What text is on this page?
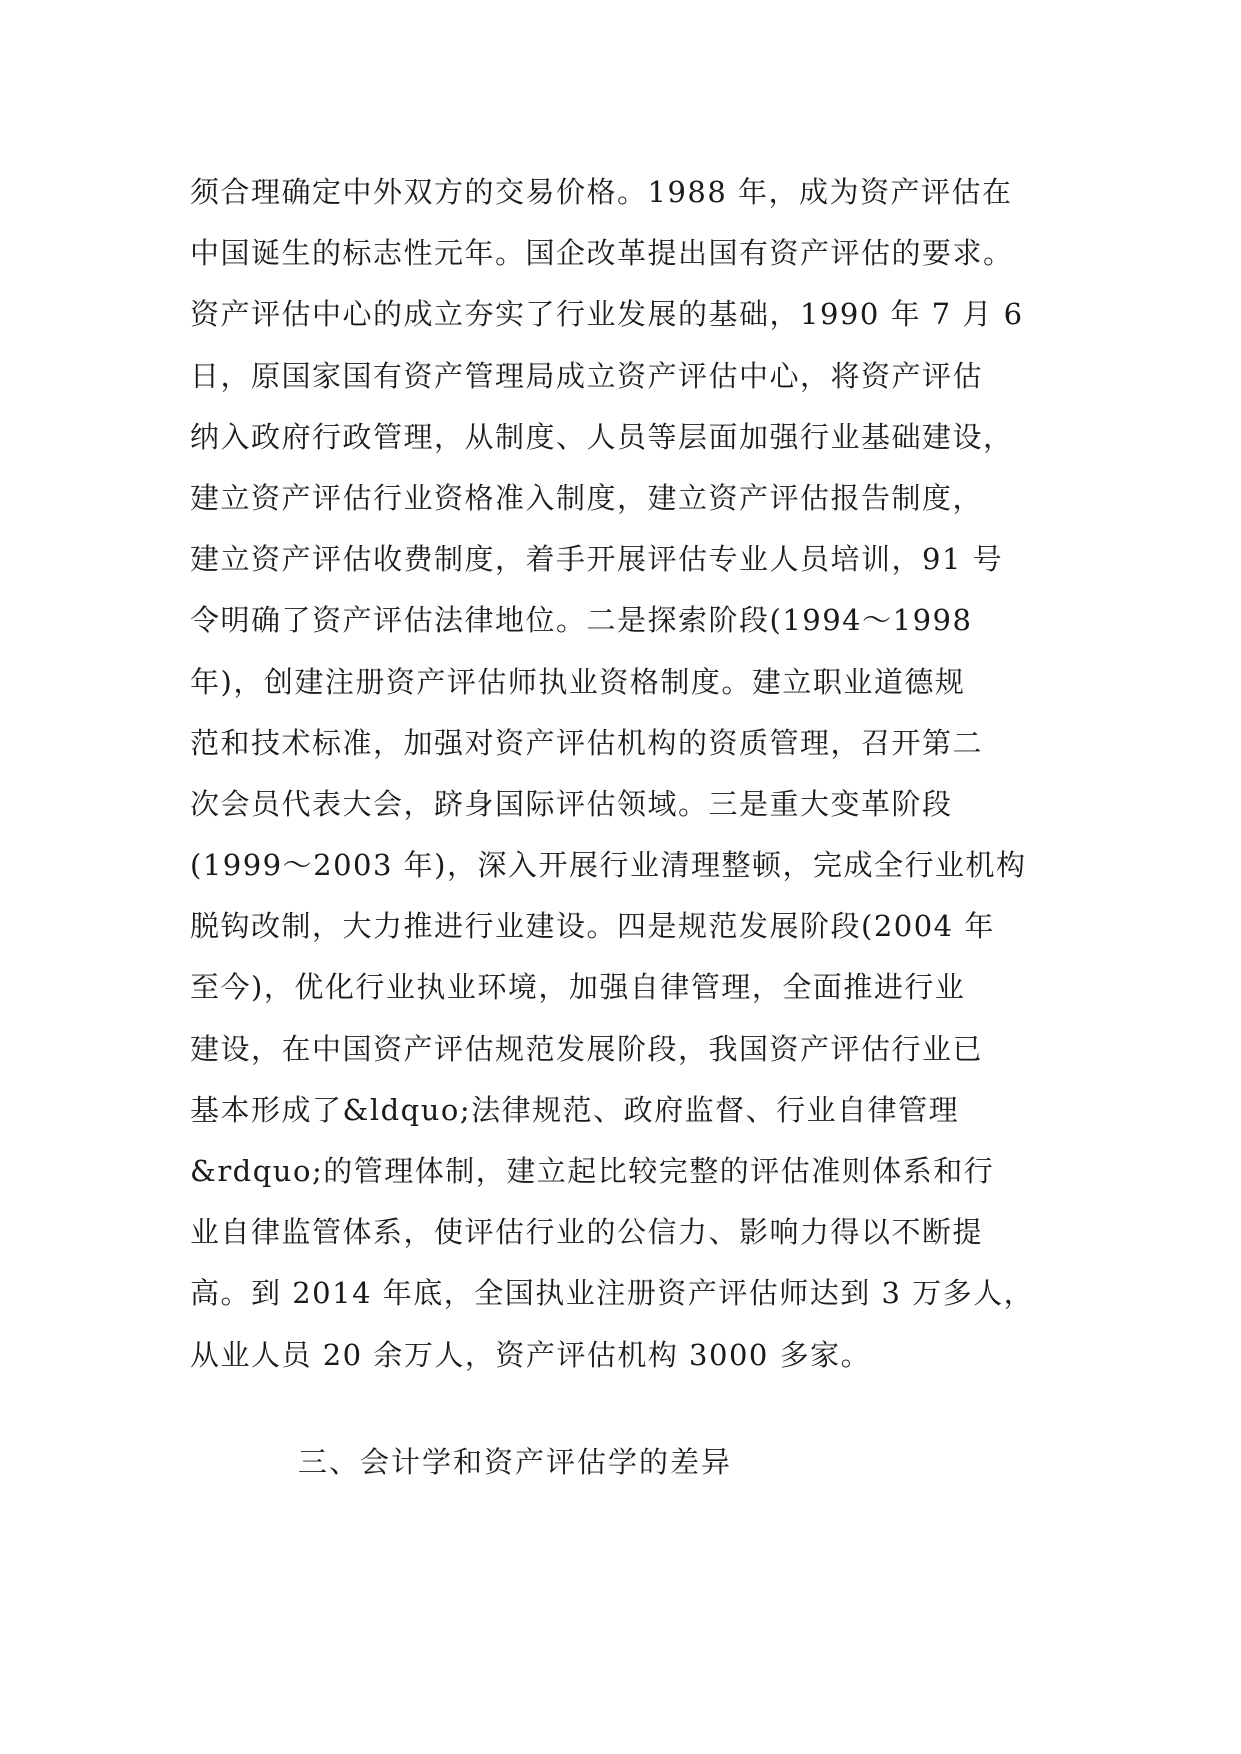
须合理确定中外双方的交易价格。1988 年，成为资产评估在
中国诞生的标志性元年。国企改革提出国有资产评估的要求。
资产评估中心的成立夯实了行业发展的基础，1990 年 7 月 6
日，原国家国有资产管理局成立资产评估中心，将资产评估
纳入政府行政管理，从制度、人员等层面加强行业基础建设，
建立资产评估行业资格准入制度，建立资产评估报告制度，
建立资产评估收费制度，着手开展评估专业人员培训，91 号
令明确了资产评估法律地位。二是探索阶段(1994～1998
年)，创建注册资产评估师执业资格制度。建立职业道德规
范和技术标准，加强对资产评估机构的资质管理，召开第二
次会员代表大会，跻身国际评估领域。三是重大变革阶段
(1999～2003 年)，深入开展行业清理整顿，完成全行业机构
脱钩改制，大力推进行业建设。四是规范发展阶段(2004 年
至今)，优化行业执业环境，加强自律管理，全面推进行业
建设，在中国资产评估规范发展阶段，我国资产评估行业已
基本形成了&ldquo;法律规范、政府监督、行业自律管理
&rdquo;的管理体制，建立起比较完整的评估准则体系和行
业自律监管体系，使评估行业的公信力、影响力得以不断提
高。到 2014 年底，全国执业注册资产评估师达到 3 万多人，
从业人员 20 余万人，资产评估机构 3000 多家。
三、会计学和资产评估学的差异
